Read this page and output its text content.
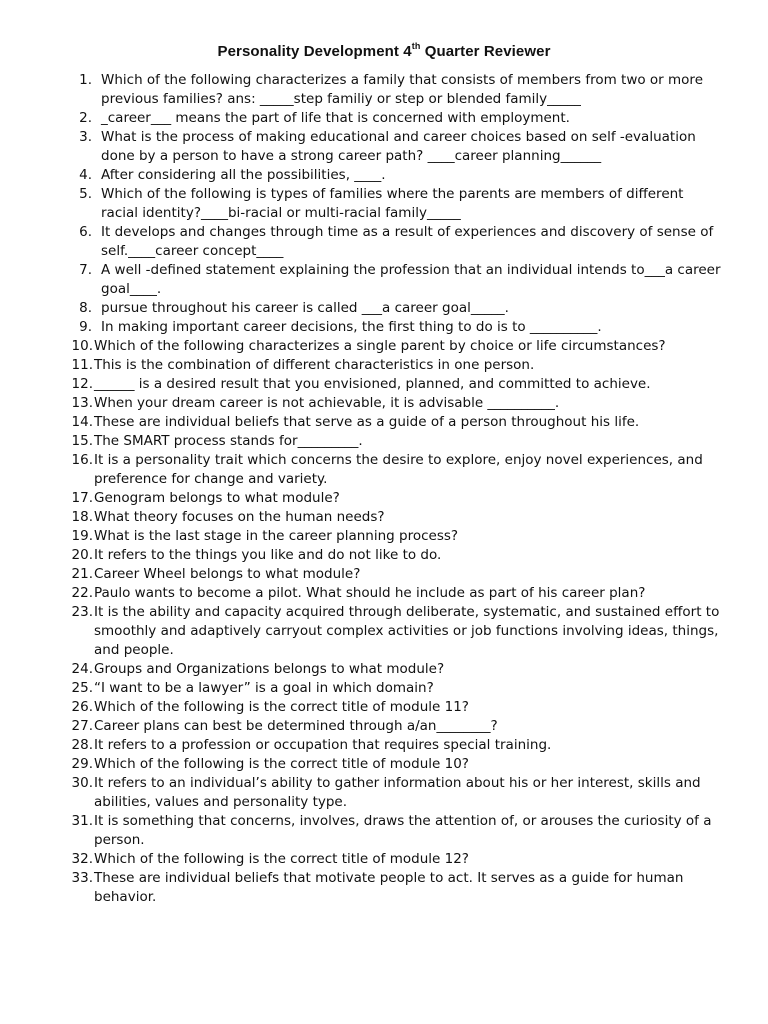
Personality Development 4th Quarter Reviewer
1. Which of the following characterizes a family that consists of members from two or more
previous families? ans: _____step familiy or step or blended family_____
2. _career___ means the part of life that is concerned with employment.
3. What is the process of making educational and career choices based on self -evaluation
done by a person to have a strong career path? ____career planning______
4. After considering all the possibilities, ____.
5. Which of the following is types of families where the parents are members of different
racial identity?____bi-racial or multi-racial family_____
6. It develops and changes through time as a result of experiences and discovery of sense of
self.____career concept____
7. A well -defined statement explaining the profession that an individual intends to___a career
goal____.
8. pursue throughout his career is called ___a career goal_____.
9. In making important career decisions, the first thing to do is to __________.
10. Which of the following characterizes a single parent by choice or life circumstances?
11. This is the combination of different characteristics in one person.
12. ______ is a desired result that you envisioned, planned, and committed to achieve.
13. When your dream career is not achievable, it is advisable __________.
14. These are individual beliefs that serve as a guide of a person throughout his life.
15. The SMART process stands for_________.
16. It is a personality trait which concerns the desire to explore, enjoy novel experiences, and
preference for change and variety.
17. Genogram belongs to what module?
18. What theory focuses on the human needs?
19. What is the last stage in the career planning process?
20. It refers to the things you like and do not like to do.
21. Career Wheel belongs to what module?
22. Paulo wants to become a pilot. What should he include as part of his career plan?
23. It is the ability and capacity acquired through deliberate, systematic, and sustained effort to
smoothly and adaptively carryout complex activities or job functions involving ideas, things,
and people.
24. Groups and Organizations belongs to what module?
25. “I want to be a lawyer” is a goal in which domain?
26. Which of the following is the correct title of module 11?
27. Career plans can best be determined through a/an________?
28. It refers to a profession or occupation that requires special training.
29. Which of the following is the correct title of module 10?
30. It refers to an individual’s ability to gather information about his or her interest, skills and
abilities, values and personality type.
31. It is something that concerns, involves, draws the attention of, or arouses the curiosity of a
person.
32. Which of the following is the correct title of module 12?
33. These are individual beliefs that motivate people to act. It serves as a guide for human
behavior.
